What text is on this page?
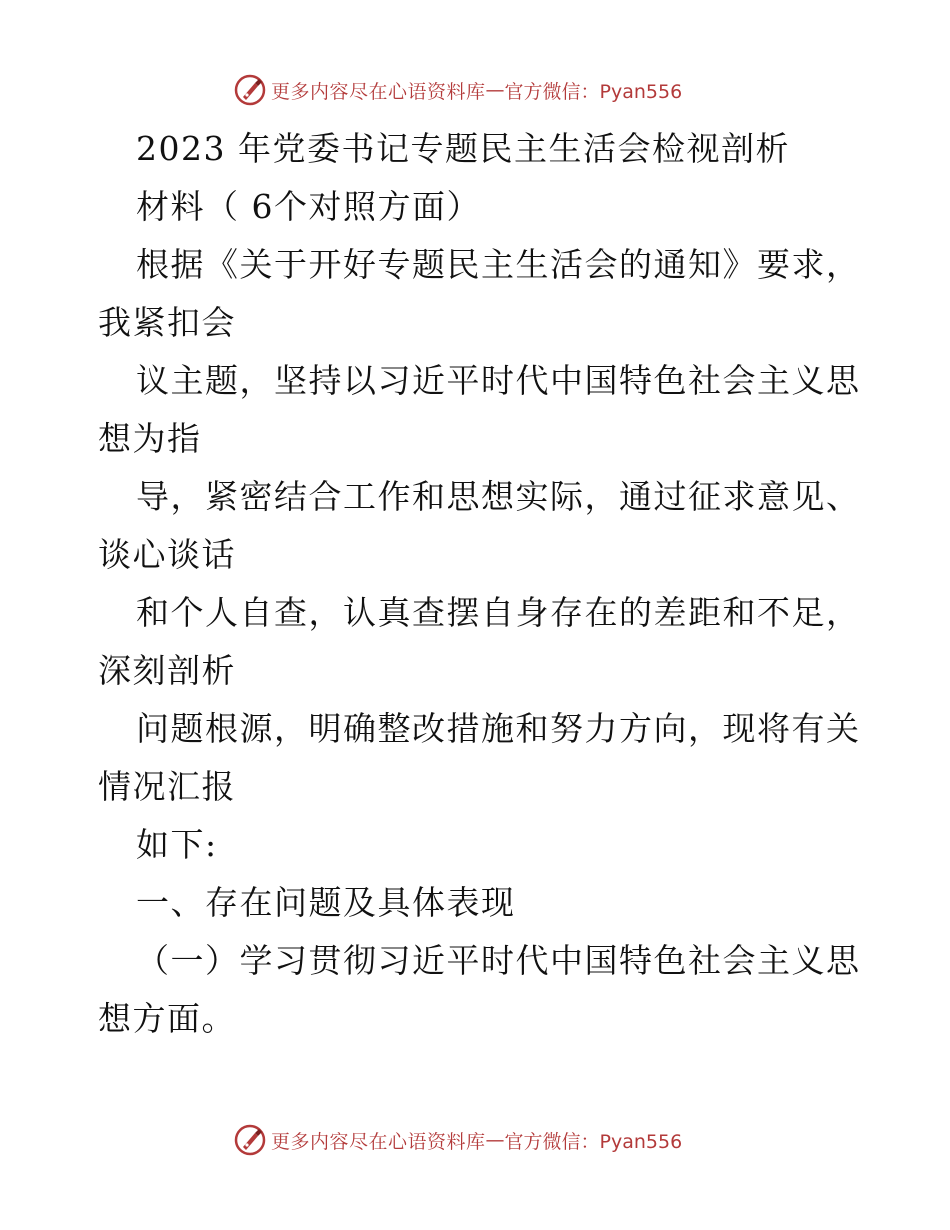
更多内容尽在心语资料库 — 官方微信：Pyan556
2023 年党委书记专题民主生活会检视剖析
材料（ 6个对照方面）
根据《关于开好专题民主生活会的通知》要求，
我紧扣会
议主题，坚持以习近平时代中国特色社会主义思
想为指
导，紧密结合工作和思想实际，通过征求意见、
谈心谈话
和个人自查，认真查摆自身存在的差距和不足，
深刻剖析
问题根源，明确整改措施和努力方向，现将有关
情况汇报
如下:
一、存在问题及具体表现
（一）学习贯彻习近平时代中国特色社会主义思
想方面。
更多内容尽在心语资料库 — 官方微信：Pyan556
